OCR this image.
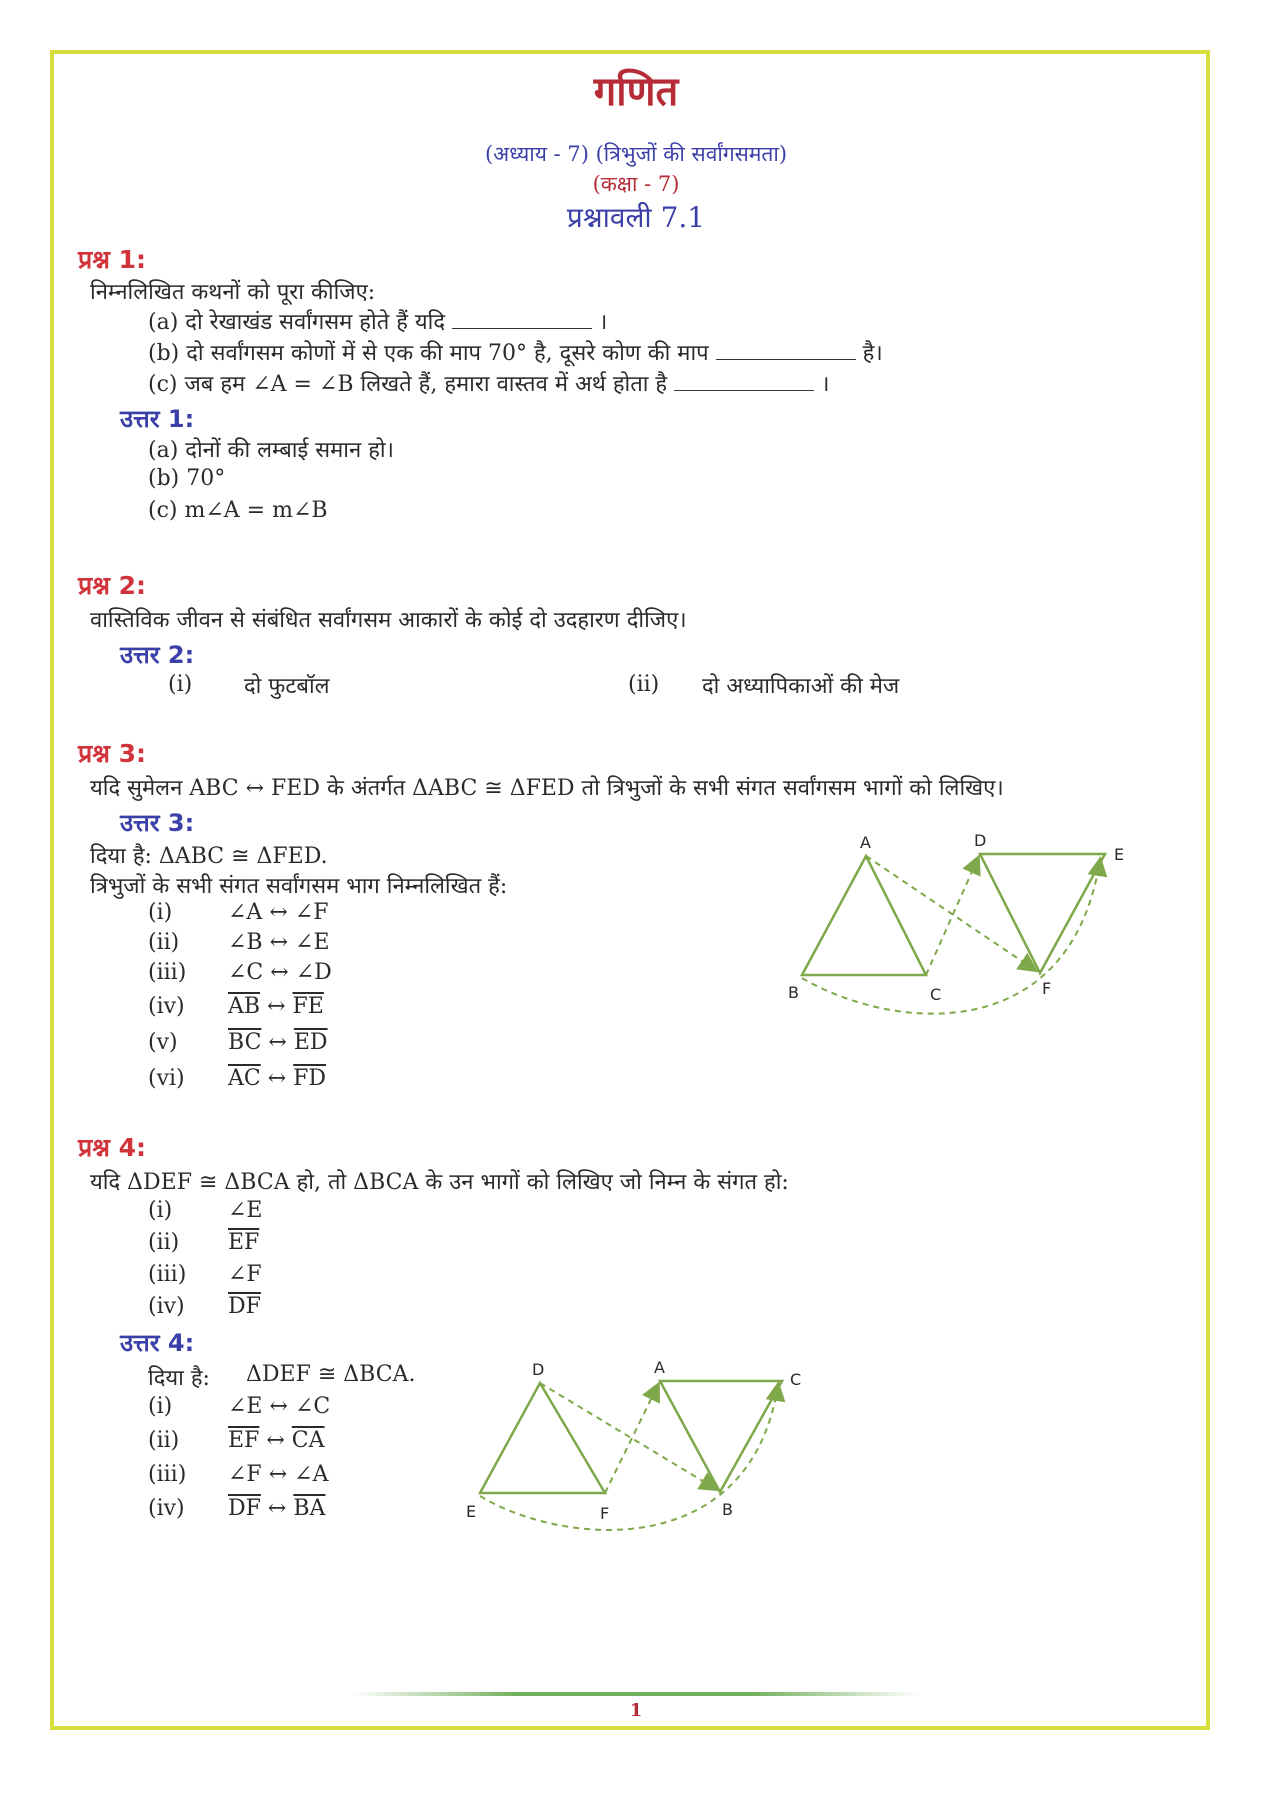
गणित
(अध्याय - 7) (त्रिभुजों की सर्वांगसमता)
(कक्षा - 7)
प्रश्नावली 7.1
प्रश्न 1:
निम्नलिखित कथनों को पूरा कीजिए:
(a) दो रेखाखंड सर्वांगसम होते हैं यदि	।
(b) दो सर्वांगसम कोणों में से एक की माप 70° है, दूसरे कोण की माप	है।
(c) जब हम ∠A = ∠B लिखते हैं, हमारा वास्तव में अर्थ होता है	।
उत्तर 1:
(a) दोनों की लम्बाई समान हो।
(b) 70°
(c) m∠A = m∠B
प्रश्न 2:
वास्तिविक जीवन से संबंधित सर्वांगसम आकारों के कोई दो उदहारण दीजिए।
उत्तर 2:
(i) दो फुटबॉल	(ii) दो अध्यापिकाओं की मेज
प्रश्न 3:
यदि सुमेलन ABC ↔ FED के अंतर्गत ΔABC ≅ ΔFED तो त्रिभुजों के सभी संगत सर्वांगसम भागों को लिखिए।
उत्तर 3:
दिया है: ΔABC ≅ ΔFED.
त्रिभुजों के सभी संगत सर्वांगसम भाग निम्नलिखित हैं:
(i)	∠A ↔ ∠F
(ii) ∠B ↔ ∠E
(iii) ∠C ↔ ∠D
(iv) $\overline{AB}$ ↔ $\overline{FE}$
(v) $\overline{BC}$ ↔ $\overline{ED}$
(vi) $\overline{AC}$ ↔ $\overline{FD}$
A
B	C
D
E
F
प्रश्न 4:
यदि ΔDEF ≅ ΔBCA हो, तो ΔBCA के उन भागों को लिखिए जो निम्न के संगत हो:
(i)	∠E
(ii) $\overline{EF}$
(iii) ∠F
(iv) $\overline{DF}$
उत्तर 4:
दिया है: ΔDEF ≅ ΔBCA.
(i)	∠E ↔ ∠C
(ii) $\overline{EF}$ ↔ $\overline{CA}$
(iii) ∠F ↔ ∠A
(iv) $\overline{DF}$ ↔ $\overline{BA}$
D
E	F
A
C
B
1
